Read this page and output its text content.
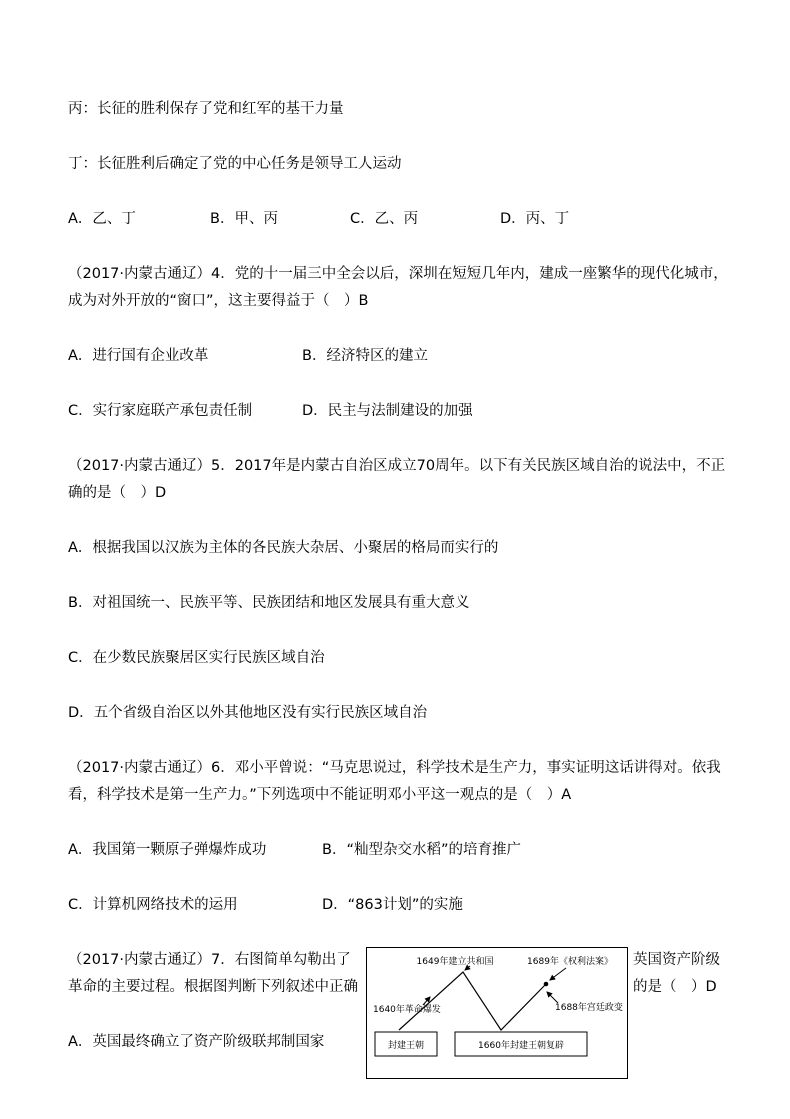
丙：长征的胜利保存了党和红军的基干力量

丁：长征胜利后确定了党的中心任务是领导工人运动

A．乙、丁	B．甲、丙	C．乙、丙	D．丙、丁

（2017·内蒙古通辽）4．党的十一届三中全会以后，深圳在短短几年内，建成一座繁华的现代化城市，

成为对外开放的“窗口”，这主要得益于（　）B

A．进行国有企业改革	B．经济特区的建立
C．实行家庭联产承包责任制	D．民主与法制建设的加强

（2017·内蒙古通辽）5．2017年是内蒙古自治区成立70周年。以下有关民族区域自治的说法中，不正

确的是（　）D

A．根据我国以汉族为主体的各民族大杂居、小聚居的格局而实行的

B．对祖国统一、民族平等、民族团结和地区发展具有重大意义

C．在少数民族聚居区实行民族区域自治

D．五个省级自治区以外其他地区没有实行民族区域自治

（2017·内蒙古通辽）6．邓小平曾说：“马克思说过，科学技术是生产力，事实证明这话讲得对。依我

看，科学技术是第一生产力。”下列选项中不能证明邓小平这一观点的是（　）A

A．我国第一颗原子弹爆炸成功	B．“籼型杂交水稻”的培育推广
C．计算机网络技术的运用	D．“863计划”的实施

（2017·内蒙古通辽）7．右图简单勾勒出了

革命的主要过程。根据图判断下列叙述中正确

A．英国最终确立了资产阶级联邦制国家

1649年建立共和国	1689年《权利法案》
1640年革命爆发	1688年宫廷政变
封建王朝	1660年封建王朝复辟

英国资产阶级

的是（　）D
